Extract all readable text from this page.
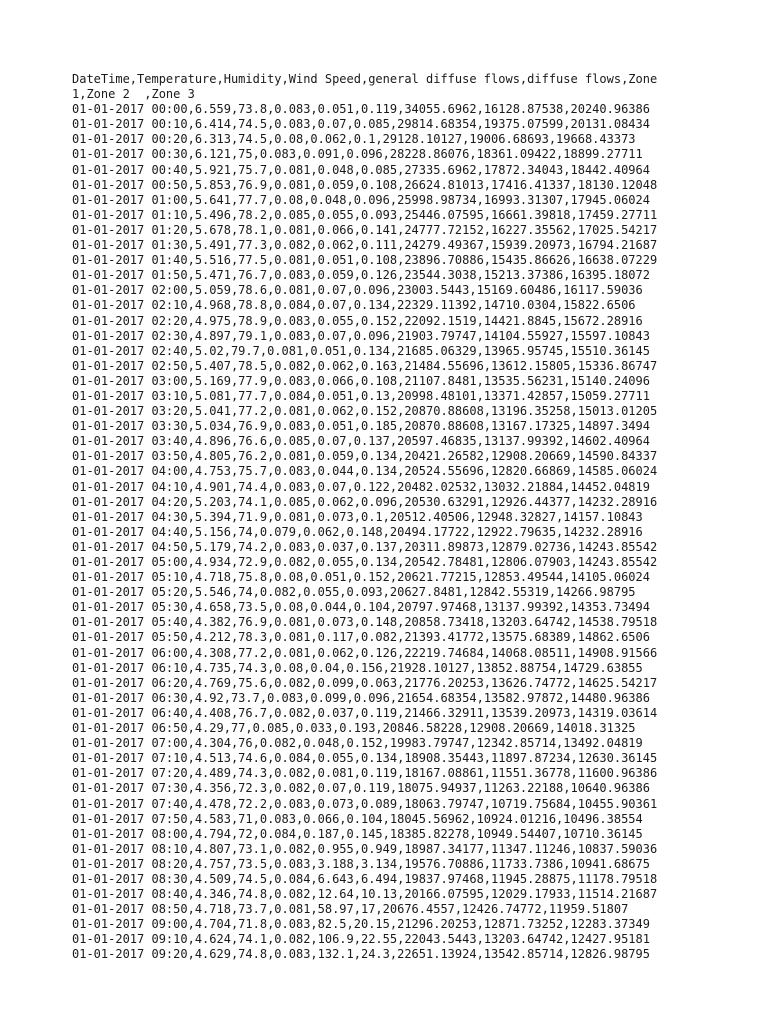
DateTime,Temperature,Humidity,Wind Speed,general diffuse flows,diffuse flows,Zone
1,Zone 2  ,Zone 3
01-01-2017 00:00,6.559,73.8,0.083,0.051,0.119,34055.6962,16128.87538,20240.96386
01-01-2017 00:10,6.414,74.5,0.083,0.07,0.085,29814.68354,19375.07599,20131.08434
01-01-2017 00:20,6.313,74.5,0.08,0.062,0.1,29128.10127,19006.68693,19668.43373
01-01-2017 00:30,6.121,75,0.083,0.091,0.096,28228.86076,18361.09422,18899.27711
01-01-2017 00:40,5.921,75.7,0.081,0.048,0.085,27335.6962,17872.34043,18442.40964
01-01-2017 00:50,5.853,76.9,0.081,0.059,0.108,26624.81013,17416.41337,18130.12048
01-01-2017 01:00,5.641,77.7,0.08,0.048,0.096,25998.98734,16993.31307,17945.06024
01-01-2017 01:10,5.496,78.2,0.085,0.055,0.093,25446.07595,16661.39818,17459.27711
01-01-2017 01:20,5.678,78.1,0.081,0.066,0.141,24777.72152,16227.35562,17025.54217
01-01-2017 01:30,5.491,77.3,0.082,0.062,0.111,24279.49367,15939.20973,16794.21687
01-01-2017 01:40,5.516,77.5,0.081,0.051,0.108,23896.70886,15435.86626,16638.07229
01-01-2017 01:50,5.471,76.7,0.083,0.059,0.126,23544.3038,15213.37386,16395.18072
01-01-2017 02:00,5.059,78.6,0.081,0.07,0.096,23003.5443,15169.60486,16117.59036
01-01-2017 02:10,4.968,78.8,0.084,0.07,0.134,22329.11392,14710.0304,15822.6506
01-01-2017 02:20,4.975,78.9,0.083,0.055,0.152,22092.1519,14421.8845,15672.28916
01-01-2017 02:30,4.897,79.1,0.083,0.07,0.096,21903.79747,14104.55927,15597.10843
01-01-2017 02:40,5.02,79.7,0.081,0.051,0.134,21685.06329,13965.95745,15510.36145
01-01-2017 02:50,5.407,78.5,0.082,0.062,0.163,21484.55696,13612.15805,15336.86747
01-01-2017 03:00,5.169,77.9,0.083,0.066,0.108,21107.8481,13535.56231,15140.24096
01-01-2017 03:10,5.081,77.7,0.084,0.051,0.13,20998.48101,13371.42857,15059.27711
01-01-2017 03:20,5.041,77.2,0.081,0.062,0.152,20870.88608,13196.35258,15013.01205
01-01-2017 03:30,5.034,76.9,0.083,0.051,0.185,20870.88608,13167.17325,14897.3494
01-01-2017 03:40,4.896,76.6,0.085,0.07,0.137,20597.46835,13137.99392,14602.40964
01-01-2017 03:50,4.805,76.2,0.081,0.059,0.134,20421.26582,12908.20669,14590.84337
01-01-2017 04:00,4.753,75.7,0.083,0.044,0.134,20524.55696,12820.66869,14585.06024
01-01-2017 04:10,4.901,74.4,0.083,0.07,0.122,20482.02532,13032.21884,14452.04819
01-01-2017 04:20,5.203,74.1,0.085,0.062,0.096,20530.63291,12926.44377,14232.28916
01-01-2017 04:30,5.394,71.9,0.081,0.073,0.1,20512.40506,12948.32827,14157.10843
01-01-2017 04:40,5.156,74,0.079,0.062,0.148,20494.17722,12922.79635,14232.28916
01-01-2017 04:50,5.179,74.2,0.083,0.037,0.137,20311.89873,12879.02736,14243.85542
01-01-2017 05:00,4.934,72.9,0.082,0.055,0.134,20542.78481,12806.07903,14243.85542
01-01-2017 05:10,4.718,75.8,0.08,0.051,0.152,20621.77215,12853.49544,14105.06024
01-01-2017 05:20,5.546,74,0.082,0.055,0.093,20627.8481,12842.55319,14266.98795
01-01-2017 05:30,4.658,73.5,0.08,0.044,0.104,20797.97468,13137.99392,14353.73494
01-01-2017 05:40,4.382,76.9,0.081,0.073,0.148,20858.73418,13203.64742,14538.79518
01-01-2017 05:50,4.212,78.3,0.081,0.117,0.082,21393.41772,13575.68389,14862.6506
01-01-2017 06:00,4.308,77.2,0.081,0.062,0.126,22219.74684,14068.08511,14908.91566
01-01-2017 06:10,4.735,74.3,0.08,0.04,0.156,21928.10127,13852.88754,14729.63855
01-01-2017 06:20,4.769,75.6,0.082,0.099,0.063,21776.20253,13626.74772,14625.54217
01-01-2017 06:30,4.92,73.7,0.083,0.099,0.096,21654.68354,13582.97872,14480.96386
01-01-2017 06:40,4.408,76.7,0.082,0.037,0.119,21466.32911,13539.20973,14319.03614
01-01-2017 06:50,4.29,77,0.085,0.033,0.193,20846.58228,12908.20669,14018.31325
01-01-2017 07:00,4.304,76,0.082,0.048,0.152,19983.79747,12342.85714,13492.04819
01-01-2017 07:10,4.513,74.6,0.084,0.055,0.134,18908.35443,11897.87234,12630.36145
01-01-2017 07:20,4.489,74.3,0.082,0.081,0.119,18167.08861,11551.36778,11600.96386
01-01-2017 07:30,4.356,72.3,0.082,0.07,0.119,18075.94937,11263.22188,10640.96386
01-01-2017 07:40,4.478,72.2,0.083,0.073,0.089,18063.79747,10719.75684,10455.90361
01-01-2017 07:50,4.583,71,0.083,0.066,0.104,18045.56962,10924.01216,10496.38554
01-01-2017 08:00,4.794,72,0.084,0.187,0.145,18385.82278,10949.54407,10710.36145
01-01-2017 08:10,4.807,73.1,0.082,0.955,0.949,18987.34177,11347.11246,10837.59036
01-01-2017 08:20,4.757,73.5,0.083,3.188,3.134,19576.70886,11733.7386,10941.68675
01-01-2017 08:30,4.509,74.5,0.084,6.643,6.494,19837.97468,11945.28875,11178.79518
01-01-2017 08:40,4.346,74.8,0.082,12.64,10.13,20166.07595,12029.17933,11514.21687
01-01-2017 08:50,4.718,73.7,0.081,58.97,17,20676.4557,12426.74772,11959.51807
01-01-2017 09:00,4.704,71.8,0.083,82.5,20.15,21296.20253,12871.73252,12283.37349
01-01-2017 09:10,4.624,74.1,0.082,106.9,22.55,22043.5443,13203.64742,12427.95181
01-01-2017 09:20,4.629,74.8,0.083,132.1,24.3,22651.13924,13542.85714,12826.98795
